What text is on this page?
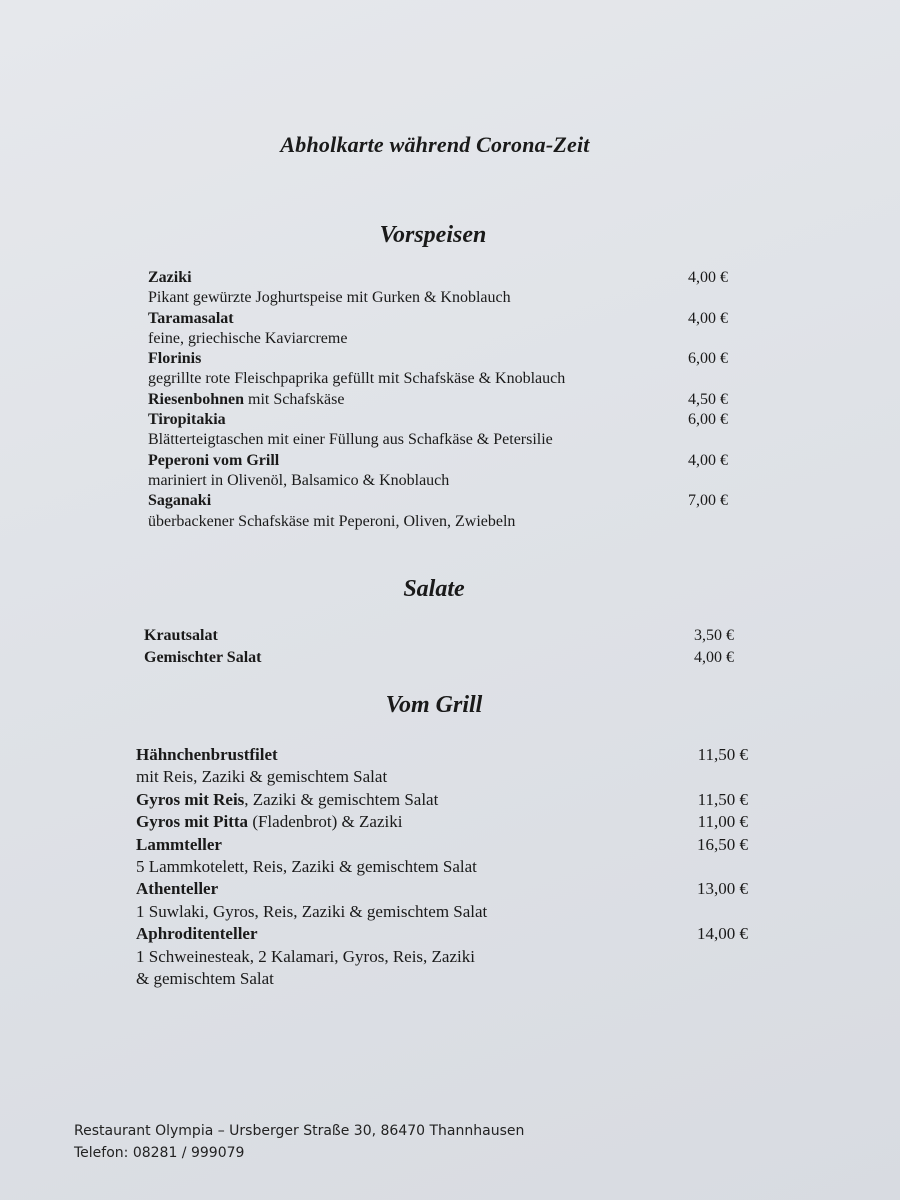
Abholkarte während Corona-Zeit
Vorspeisen
Zaziki	4,00 €
Pikant gewürzte Joghurtspeise mit Gurken & Knoblauch
Taramasalat	4,00 €
feine, griechische Kaviarcreme
Florinis	6,00 €
gegrillte rote Fleischpaprika gefüllt mit Schafskäse & Knoblauch
Riesenbohnen mit Schafskäse	4,50 €
Tiropitakia	6,00 €
Blätterteigtaschen mit einer Füllung aus Schafkäse & Petersilie
Peperoni vom Grill	4,00 €
mariniert in Olivenöl, Balsamico & Knoblauch
Saganaki	7,00 €
überbackener Schafskäse mit Peperoni, Oliven, Zwiebeln
Salate
Krautsalat	3,50 €
Gemischter Salat	4,00 €
Vom Grill
Hähnchenbrustfilet	11,50 €
mit Reis, Zaziki & gemischtem Salat
Gyros mit Reis, Zaziki & gemischtem Salat	11,50 €
Gyros mit Pitta (Fladenbrot) & Zaziki	11,00 €
Lammteller	16,50 €
5 Lammkotelett, Reis, Zaziki & gemischtem Salat
Athenteller	13,00 €
1 Suwlaki, Gyros, Reis, Zaziki & gemischtem Salat
Aphroditenteller	14,00 €
1 Schweinesteak, 2 Kalamari, Gyros, Reis, Zaziki
& gemischtem Salat
Restaurant Olympia – Ursberger Straße 30, 86470 Thannhausen
Telefon: 08281 / 999079
